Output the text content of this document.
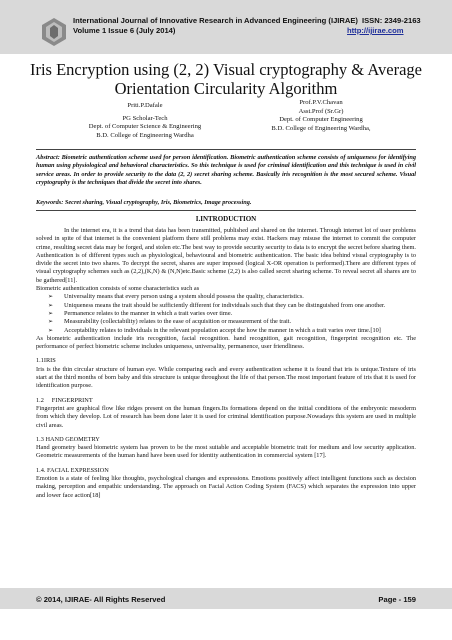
International Journal of Innovative Research in Advanced Engineering (IJIRAE) ISSN: 2349-2163
Volume 1 Issue 6 (July 2014)	http://ijirae.com
Iris Encryption using (2, 2) Visual cryptography & Average Orientation Circularity Algorithm
Priti.P.Dafale
PG Scholar-Tech
Dept. of Computer Science & Engineering
B.D. College of Engineering Wardha
Prof.P.V.Chavan
Asst.Prof (Sr.Gr)
Dept. of Computer Engineering
B.D. College of Engineering Wardha,
Abstract: Biometric authentication scheme used for person identification. Biometric authentication scheme consists of uniqueness for identifying human using physiological and behavioral characteristics. So this technique is used for criminal identification and this technique is used in civil service areas. In order to provide security to the data (2, 2) secret sharing scheme. Basically iris recognition is the most secured scheme. Visual cryptography is the techniques that divide the secret into shares.
Keywords: Secret sharing, Visual cryptography, Iris, Biometrics, Image processing.
I.INTRODUCTION

In the internet era, it is a trend that data has been transmitted, published and shared on the internet. Through internet lot of user problems solved in spite of that internet is the convenient platform there still problems may exist. Hackers may misuse the internet to commit the computer crime, resulting secret data may be forged, and stolen etc.The best way to provide security security to data is to encrypt the secret before sharing them. Authentication is of different types such as physiological, behavioural and biometric authentication. The basic idea behind visual cryptography is to divide the secret into two shares. To decrypt the secret, shares are super imposed (logical X-OR operation is performed).There are different types of visual cryptography schemes such as (2,2),(K,N) & (N,N)etc.Basic scheme (2,2) is also called secret sharing scheme. To reveal secret all shares are to be gathered[11].

Biometric authentication consists of some characteristics such as

➢ Universality means that every person using a system should possess the quality, characteristics.
➢ Uniqueness means the trait should be sufficiently different for individuals such that they can be distinguished from one another.
➢ Permanence relates to the manner in which a trait varies over time.
➢ Measurability (collectability) relates to the ease of acquisition or measurement of the trait.
➢ Acceptability relates to individuals in the relevant population accept the how the manner in which a trait varies over time.[10]

As biometric authentication include iris recognition, facial recognition. hand recognition, gait recognition, fingerprint recognition etc. The performance of perfect biometric scheme includes uniqueness, universality, permanence, user friendliness.

1.1IRIS

Iris is the thin circular structure of human eye. While comparing each and every authentication scheme it is found that iris is unique.Texture of iris start at the third months of born baby and this structure is unique throughout the life of that person.The most important feature of iris that it is used for identification purpose.

1.2     FINGERPRINT

Fingerprint are graphical flow like ridges present on the human fingers.Its formations depend on the initial conditions of the embryonic mesoderm from which they develop. Lot of research has been done later it is used for criminal identification purpose.Nowadays this system are used in multiple civil areas.

1.3 HAND GEOMETRY

Hand geometry based biometric system has proven to be the most suitable and acceptable biometric trait for medium and low security application. Geometric measurements of the human hand have been used for identity authentication in commercial system [17].

1.4. FACIAL EXPRESSION

Emotion is a state of feeling like thoughts, psychological changes and expressions. Emotions positively affect intelligent functions such as decision making, perception and empathic understanding. The approach on Facial Action Coding System (FACS) which separates the expression into upper and lower face action[18]

© 2014, IJIRAE- All Rights Reserved	Page - 159
